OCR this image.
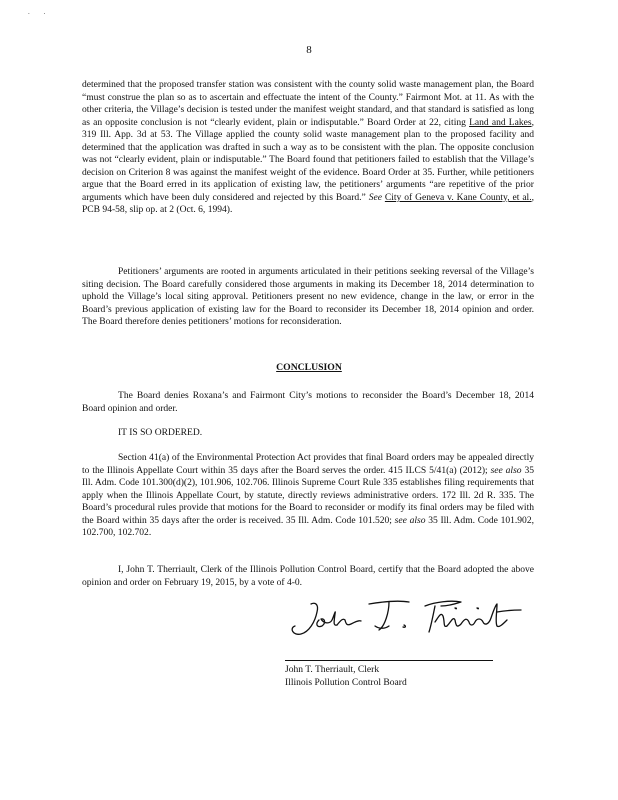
. .
8
determined that the proposed transfer station was consistent with the county solid waste management plan, the Board “must construe the plan so as to ascertain and effectuate the intent of the County.” Fairmont Mot. at 11. As with the other criteria, the Village’s decision is tested under the manifest weight standard, and that standard is satisfied as long as an opposite conclusion is not “clearly evident, plain or indisputable.” Board Order at 22, citing Land and Lakes, 319 Ill. App. 3d at 53. The Village applied the county solid waste management plan to the proposed facility and determined that the application was drafted in such a way as to be consistent with the plan. The opposite conclusion was not “clearly evident, plain or indisputable.” The Board found that petitioners failed to establish that the Village’s decision on Criterion 8 was against the manifest weight of the evidence. Board Order at 35. Further, while petitioners argue that the Board erred in its application of existing law, the petitioners’ arguments “are repetitive of the prior arguments which have been duly considered and rejected by this Board.” See City of Geneva v. Kane County, et al., PCB 94-58, slip op. at 2 (Oct. 6, 1994).
Petitioners’ arguments are rooted in arguments articulated in their petitions seeking reversal of the Village’s siting decision. The Board carefully considered those arguments in making its December 18, 2014 determination to uphold the Village’s local siting approval. Petitioners present no new evidence, change in the law, or error in the Board’s previous application of existing law for the Board to reconsider its December 18, 2014 opinion and order. The Board therefore denies petitioners’ motions for reconsideration.
CONCLUSION
The Board denies Roxana’s and Fairmont City’s motions to reconsider the Board’s December 18, 2014 Board opinion and order.
IT IS SO ORDERED.
Section 41(a) of the Environmental Protection Act provides that final Board orders may be appealed directly to the Illinois Appellate Court within 35 days after the Board serves the order. 415 ILCS 5/41(a) (2012); see also 35 Ill. Adm. Code 101.300(d)(2), 101.906, 102.706. Illinois Supreme Court Rule 335 establishes filing requirements that apply when the Illinois Appellate Court, by statute, directly reviews administrative orders. 172 Ill. 2d R. 335. The Board’s procedural rules provide that motions for the Board to reconsider or modify its final orders may be filed with the Board within 35 days after the order is received. 35 Ill. Adm. Code 101.520; see also 35 Ill. Adm. Code 101.902, 102.700, 102.702.
I, John T. Therriault, Clerk of the Illinois Pollution Control Board, certify that the Board adopted the above opinion and order on February 19, 2015, by a vote of 4-0.
John T. Therriault, Clerk
Illinois Pollution Control Board
